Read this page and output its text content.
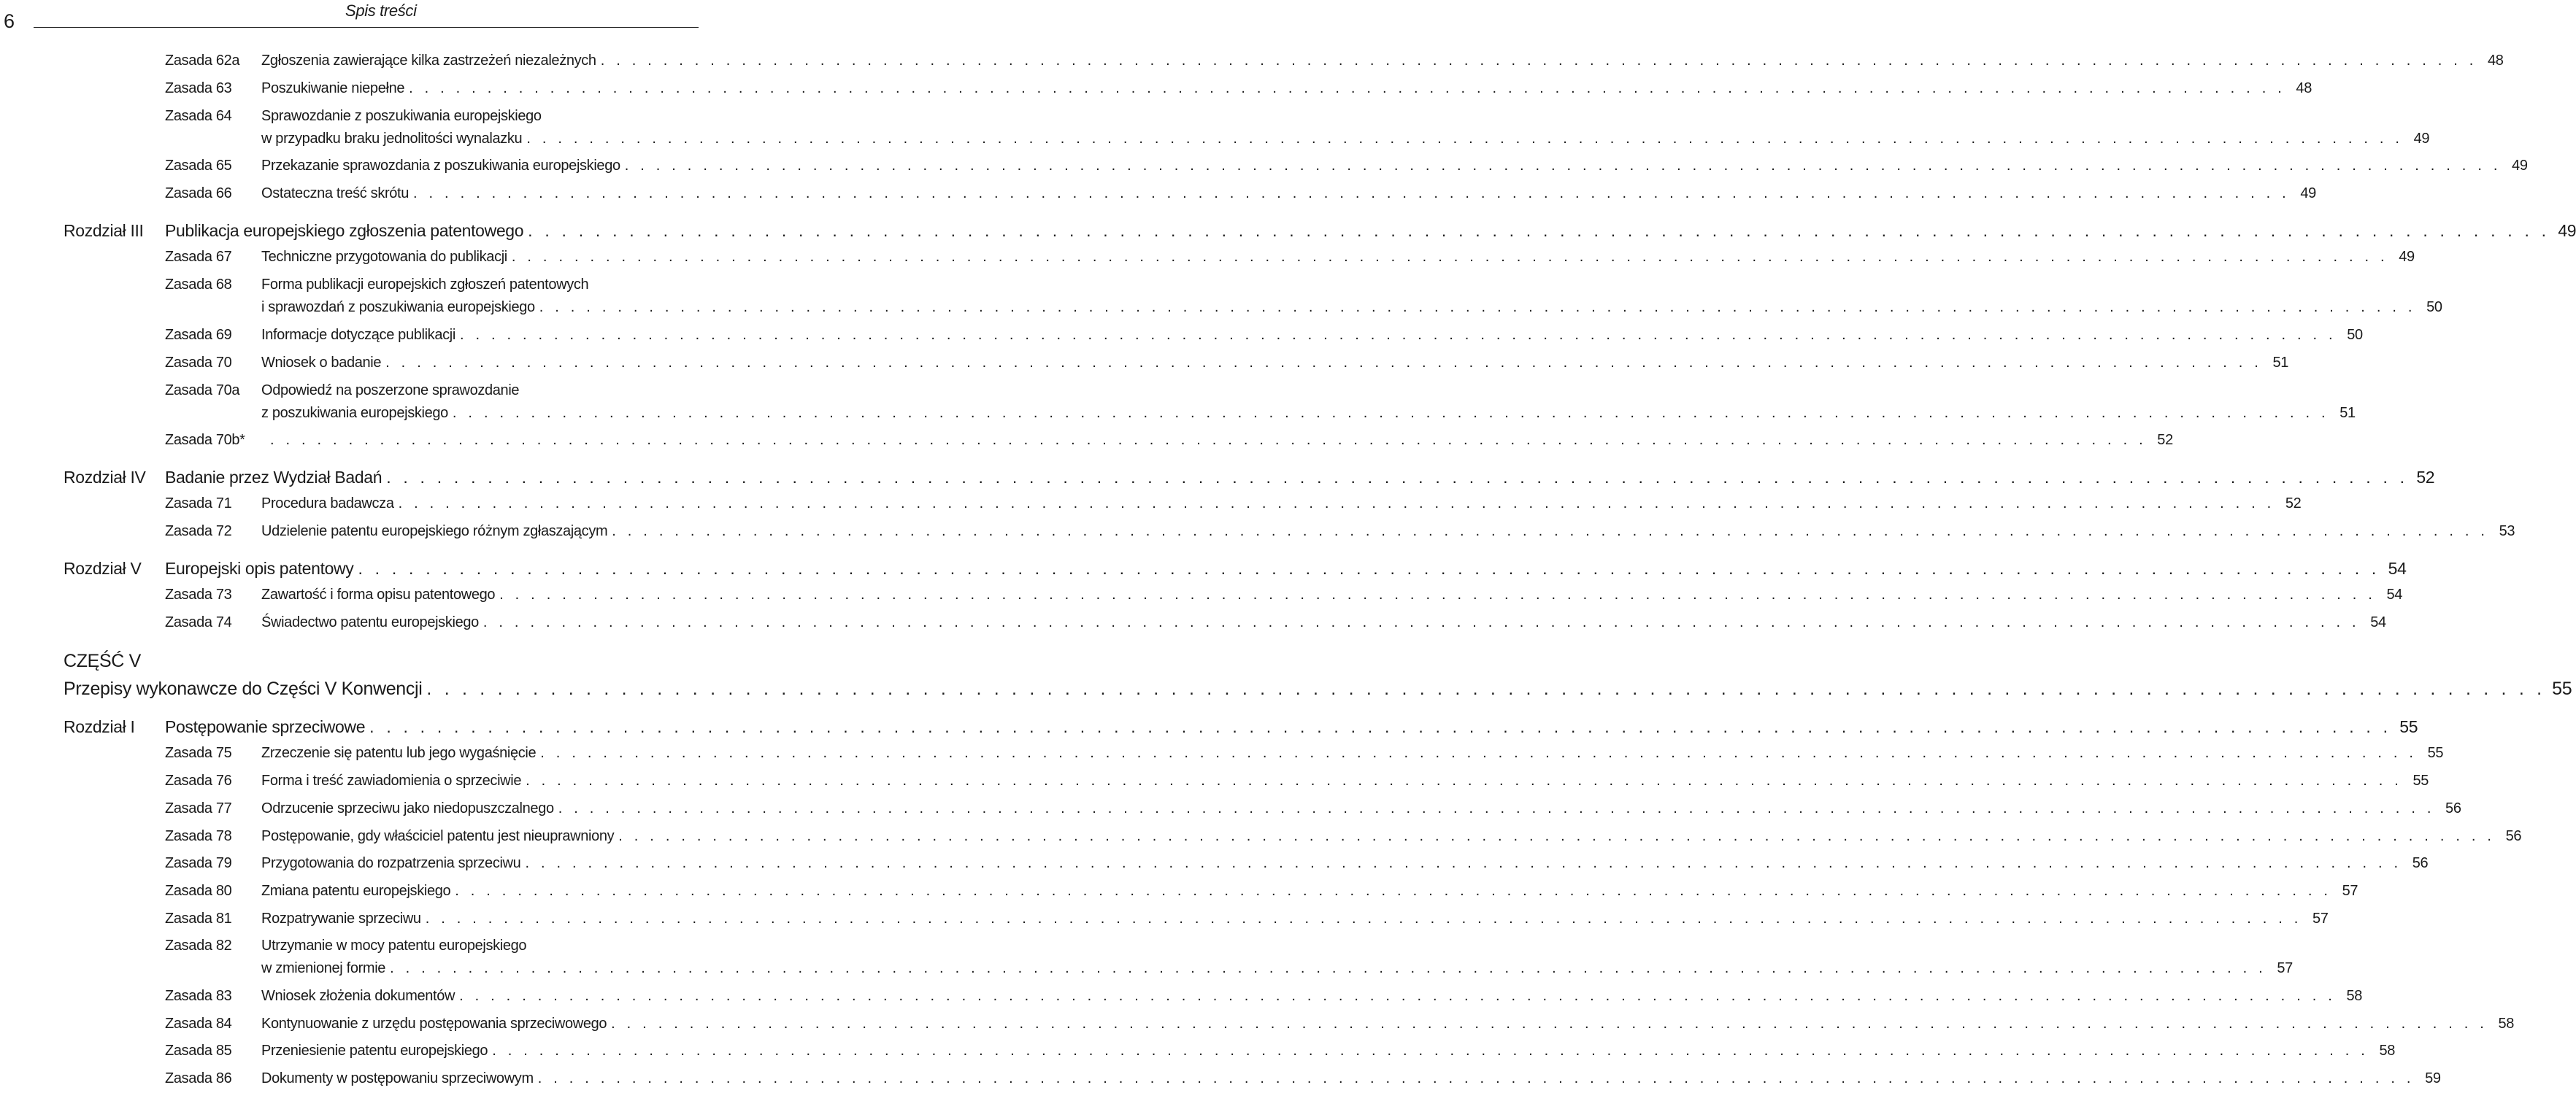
6	Spis treści
Zasada 62a Zgłoszenia zawierające kilka zastrzeżeń niezależnych . . . . . . . . . . . . . . . . . . . . . . . . . . . . . . . . . . . . . . . . . . . . . . . . . . . . . . . . . . . . . . . . . . . . . . . . . . . . . . . . . . . . . . . . . . . . . . . . . . . . . . . . . . . . . . . . . . . . . . . . 48
Zasada 63 Poszukiwanie niepełne . . . . . . . . . . . . . . . . . . . . . . . . . . . . . . . . . . . . . . . . . . . . . . . . . . . . . . . . . . . . . . . . . . . . . . . . . . . . . . . . . . . . . . . . . . . . . . . . . . . . . . . . . . . . . . . . . . . . . . . . 48
Zasada 64 Sprawozdanie z poszukiwania europejskiego
w przypadku braku jednolitości wynalazku . . . . . . . . . . . . . . . . . . . . . . . . . . . . . . . . . . . . . . . . . . . . . . . . . . . . . . . . . . . . . . . . . . . . . . . . . . . . . . . . . . . . . . . . . . . . . . . . . . . . . . . . . . . . . . . . . . . . . . . . 49
Zasada 65 Przekazanie sprawozdania z poszukiwania europejskiego . . . . . . . . . . . . . . . . . . . . . . . . . . . . . . . . . . . . . . . . . . . . . . . . . . . . . . . . . . . . . . . . . . . . . . . . . . . . . . . . . . . . . . . . . . . . . . . . . . . . . . . . . . . . . . . . . . . . . . . . 49
Zasada 66 Ostateczna treść skrótu . . . . . . . . . . . . . . . . . . . . . . . . . . . . . . . . . . . . . . . . . . . . . . . . . . . . . . . . . . . . . . . . . . . . . . . . . . . . . . . . . . . . . . . . . . . . . . . . . . . . . . . . . . . . . . . . . . . . . . . . 49
Rozdział III Publikacja europejskiego zgłoszenia patentowego . . . . . . . . . . . . . . . . . . . . . . . . . . . . . . . . . . . . . . . . . . . . . . . . . . . . . . . . . . . . . . . . . . . . . . . . . . . . . . . . . . . . . . . . . . . . . . . . . . . . . . . . . . . . . . . . . . . . . . . . 49
Zasada 67 Techniczne przygotowania do publikacji . . . . . . . . . . . . . . . . . . . . . . . . . . . . . . . . . . . . . . . . . . . . . . . . . . . . . . . . . . . . . . . . . . . . . . . . . . . . . . . . . . . . . . . . . . . . . . . . . . . . . . . . . . . . . . . . . . . . . . . . 49
Zasada 68 Forma publikacji europejskich zgłoszeń patentowych
i sprawozdań z poszukiwania europejskiego . . . . . . . . . . . . . . . . . . . . . . . . . . . . . . . . . . . . . . . . . . . . . . . . . . . . . . . . . . . . . . . . . . . . . . . . . . . . . . . . . . . . . . . . . . . . . . . . . . . . . . . . . . . . . . . . . . . . . . . . 50
Zasada 69 Informacje dotyczące publikacji . . . . . . . . . . . . . . . . . . . . . . . . . . . . . . . . . . . . . . . . . . . . . . . . . . . . . . . . . . . . . . . . . . . . . . . . . . . . . . . . . . . . . . . . . . . . . . . . . . . . . . . . . . . . . . . . . . . . . . . . 50
Zasada 70 Wniosek o badanie . . . . . . . . . . . . . . . . . . . . . . . . . . . . . . . . . . . . . . . . . . . . . . . . . . . . . . . . . . . . . . . . . . . . . . . . . . . . . . . . . . . . . . . . . . . . . . . . . . . . . . . . . . . . . . . . . . . . . . . . 51
Zasada 70a Odpowiedź na poszerzone sprawozdanie
z poszukiwania europejskiego . . . . . . . . . . . . . . . . . . . . . . . . . . . . . . . . . . . . . . . . . . . . . . . . . . . . . . . . . . . . . . . . . . . . . . . . . . . . . . . . . . . . . . . . . . . . . . . . . . . . . . . . . . . . . . . . . . . . . . . . 51
Zasada 70b* . . . . . . . . . . . . . . . . . . . . . . . . . . . . . . . . . . . . . . . . . . . . . . . . . . . . . . . . . . . . . . . . . . . . . . . . . . . . . . . . . . . . . . . . . . . . . . . . . . . . . . . . . . . . . . . . . . . . . . . . 52
Rozdział IV Badanie przez Wydział Badań . . . . . . . . . . . . . . . . . . . . . . . . . . . . . . . . . . . . . . . . . . . . . . . . . . . . . . . . . . . . . . . . . . . . . . . . . . . . . . . . . . . . . . . . . . . . . . . . . . . . . . . . . . . . . . . . . . . . . . . . 52
Zasada 71 Procedura badawcza . . . . . . . . . . . . . . . . . . . . . . . . . . . . . . . . . . . . . . . . . . . . . . . . . . . . . . . . . . . . . . . . . . . . . . . . . . . . . . . . . . . . . . . . . . . . . . . . . . . . . . . . . . . . . . . . . . . . . . . . 52
Zasada 72 Udzielenie patentu europejskiego różnym zgłaszającym . . . . . . . . . . . . . . . . . . . . . . . . . . . . . . . . . . . . . . . . . . . . . . . . . . . . . . . . . . . . . . . . . . . . . . . . . . . . . . . . . . . . . . . . . . . . . . . . . . . . . . . . . . . . . . . . . . . . . . . . 53
Rozdział V Europejski opis patentowy . . . . . . . . . . . . . . . . . . . . . . . . . . . . . . . . . . . . . . . . . . . . . . . . . . . . . . . . . . . . . . . . . . . . . . . . . . . . . . . . . . . . . . . . . . . . . . . . . . . . . . . . . . . . . . . . . . . . . . . . 54
Zasada 73 Zawartość i forma opisu patentowego . . . . . . . . . . . . . . . . . . . . . . . . . . . . . . . . . . . . . . . . . . . . . . . . . . . . . . . . . . . . . . . . . . . . . . . . . . . . . . . . . . . . . . . . . . . . . . . . . . . . . . . . . . . . . . . . . . . . . . . . 54
Zasada 74 Świadectwo patentu europejskiego . . . . . . . . . . . . . . . . . . . . . . . . . . . . . . . . . . . . . . . . . . . . . . . . . . . . . . . . . . . . . . . . . . . . . . . . . . . . . . . . . . . . . . . . . . . . . . . . . . . . . . . . . . . . . . . . . . . . . . . . 54
CZĘŚĆ V
Przepisy wykonawcze do Części V Konwencji . . . . . . . . . . . . . . . . . . . . . . . . . . . . . . . . . . . . . . . . . . . . . . . . . . . . . . . . . . . . . . . . . . . . . . . . . . . . . . . . . . . . . . . . . . . . . . . . . . . . . . . . . . . . . . . . . . . . . . . . 55
Rozdział I Postępowanie sprzeciwowe . . . . . . . . . . . . . . . . . . . . . . . . . . . . . . . . . . . . . . . . . . . . . . . . . . . . . . . . . . . . . . . . . . . . . . . . . . . . . . . . . . . . . . . . . . . . . . . . . . . . . . . . . . . . . . . . . . . . . . . . 55
Zasada 75 Zrzeczenie się patentu lub jego wygaśnięcie . . . . . . . . . . . . . . . . . . . . . . . . . . . . . . . . . . . . . . . . . . . . . . . . . . . . . . . . . . . . . . . . . . . . . . . . . . . . . . . . . . . . . . . . . . . . . . . . . . . . . . . . . . . . . . . . . . . . . . . . 55
Zasada 76 Forma i treść zawiadomienia o sprzeciwie . . . . . . . . . . . . . . . . . . . . . . . . . . . . . . . . . . . . . . . . . . . . . . . . . . . . . . . . . . . . . . . . . . . . . . . . . . . . . . . . . . . . . . . . . . . . . . . . . . . . . . . . . . . . . . . . . . . . . . . . 55
Zasada 77 Odrzucenie sprzeciwu jako niedopuszczalnego . . . . . . . . . . . . . . . . . . . . . . . . . . . . . . . . . . . . . . . . . . . . . . . . . . . . . . . . . . . . . . . . . . . . . . . . . . . . . . . . . . . . . . . . . . . . . . . . . . . . . . . . . . . . . . . . . . . . . . . . 56
Zasada 78 Postępowanie, gdy właściciel patentu jest nieuprawniony . . . . . . . . . . . . . . . . . . . . . . . . . . . . . . . . . . . . . . . . . . . . . . . . . . . . . . . . . . . . . . . . . . . . . . . . . . . . . . . . . . . . . . . . . . . . . . . . . . . . . . . . . . . . . . . . . . . . . . . . 56
Zasada 79 Przygotowania do rozpatrzenia sprzeciwu . . . . . . . . . . . . . . . . . . . . . . . . . . . . . . . . . . . . . . . . . . . . . . . . . . . . . . . . . . . . . . . . . . . . . . . . . . . . . . . . . . . . . . . . . . . . . . . . . . . . . . . . . . . . . . . . . . . . . . . . 56
Zasada 80 Zmiana patentu europejskiego . . . . . . . . . . . . . . . . . . . . . . . . . . . . . . . . . . . . . . . . . . . . . . . . . . . . . . . . . . . . . . . . . . . . . . . . . . . . . . . . . . . . . . . . . . . . . . . . . . . . . . . . . . . . . . . . . . . . . . . . 57
Zasada 81 Rozpatrywanie sprzeciwu . . . . . . . . . . . . . . . . . . . . . . . . . . . . . . . . . . . . . . . . . . . . . . . . . . . . . . . . . . . . . . . . . . . . . . . . . . . . . . . . . . . . . . . . . . . . . . . . . . . . . . . . . . . . . . . . . . . . . . . . 57
Zasada 82 Utrzymanie w mocy patentu europejskiego
w zmienionej formie . . . . . . . . . . . . . . . . . . . . . . . . . . . . . . . . . . . . . . . . . . . . . . . . . . . . . . . . . . . . . . . . . . . . . . . . . . . . . . . . . . . . . . . . . . . . . . . . . . . . . . . . . . . . . . . . . . . . . . . . 57
Zasada 83 Wniosek złożenia dokumentów . . . . . . . . . . . . . . . . . . . . . . . . . . . . . . . . . . . . . . . . . . . . . . . . . . . . . . . . . . . . . . . . . . . . . . . . . . . . . . . . . . . . . . . . . . . . . . . . . . . . . . . . . . . . . . . . . . . . . . . . 58
Zasada 84 Kontynuowanie z urzędu postępowania sprzeciwowego . . . . . . . . . . . . . . . . . . . . . . . . . . . . . . . . . . . . . . . . . . . . . . . . . . . . . . . . . . . . . . . . . . . . . . . . . . . . . . . . . . . . . . . . . . . . . . . . . . . . . . . . . . . . . . . . . . . . . . . . 58
Zasada 85 Przeniesienie patentu europejskiego . . . . . . . . . . . . . . . . . . . . . . . . . . . . . . . . . . . . . . . . . . . . . . . . . . . . . . . . . . . . . . . . . . . . . . . . . . . . . . . . . . . . . . . . . . . . . . . . . . . . . . . . . . . . . . . . . . . . . . . . 58
Zasada 86 Dokumenty w postępowaniu sprzeciwowym . . . . . . . . . . . . . . . . . . . . . . . . . . . . . . . . . . . . . . . . . . . . . . . . . . . . . . . . . . . . . . . . . . . . . . . . . . . . . . . . . . . . . . . . . . . . . . . . . . . . . . . . . . . . . . . . . . . . . . . . 59
